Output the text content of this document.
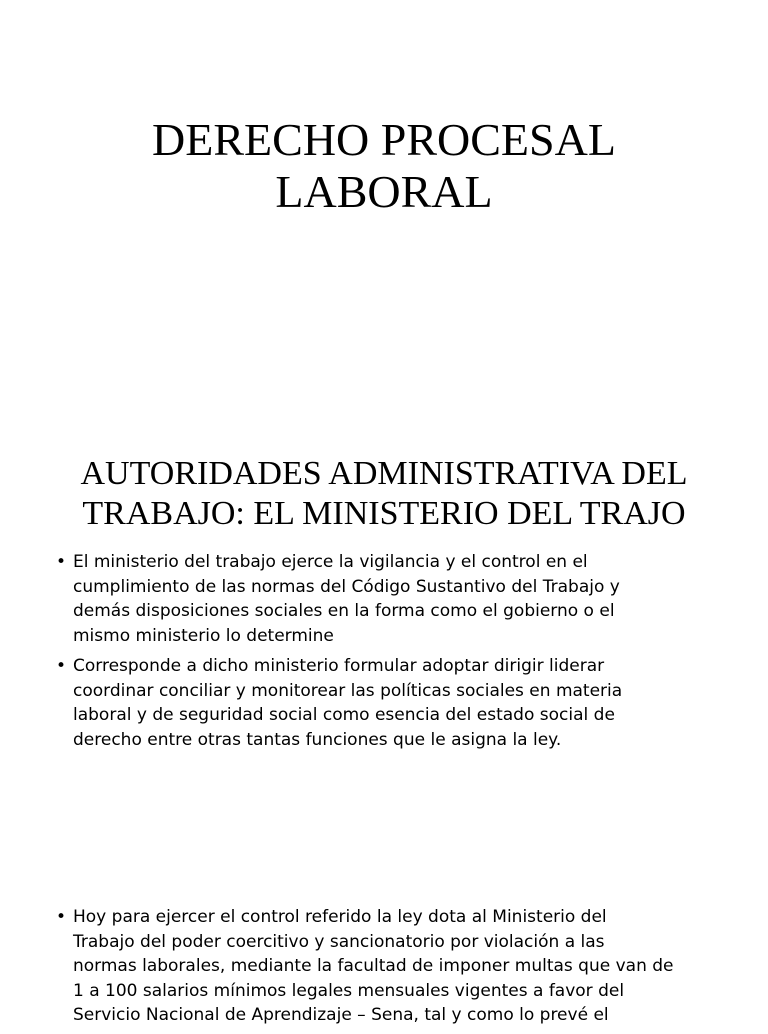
DERECHO PROCESAL
LABORAL
AUTORIDADES ADMINISTRATIVA DEL
TRABAJO: EL MINISTERIO DEL TRAJO
• El ministerio del trabajo ejerce la vigilancia y el control en el
cumplimiento de las normas del Código Sustantivo del Trabajo y
demás disposiciones sociales en la forma como el gobierno o el
mismo ministerio lo determine
• Corresponde a dicho ministerio formular adoptar dirigir liderar
coordinar conciliar y monitorear las políticas sociales en materia
laboral y de seguridad social como esencia del estado social de
derecho entre otras tantas funciones que le asigna la ley.
• Hoy para ejercer el control referido la ley dota al Ministerio del
Trabajo del poder coercitivo y sancionatorio por violación a las
normas laborales, mediante la facultad de imponer multas que van de
1 a 100 salarios mínimos legales mensuales vigentes a favor del
Servicio Nacional de Aprendizaje – Sena, tal y como lo prevé el
